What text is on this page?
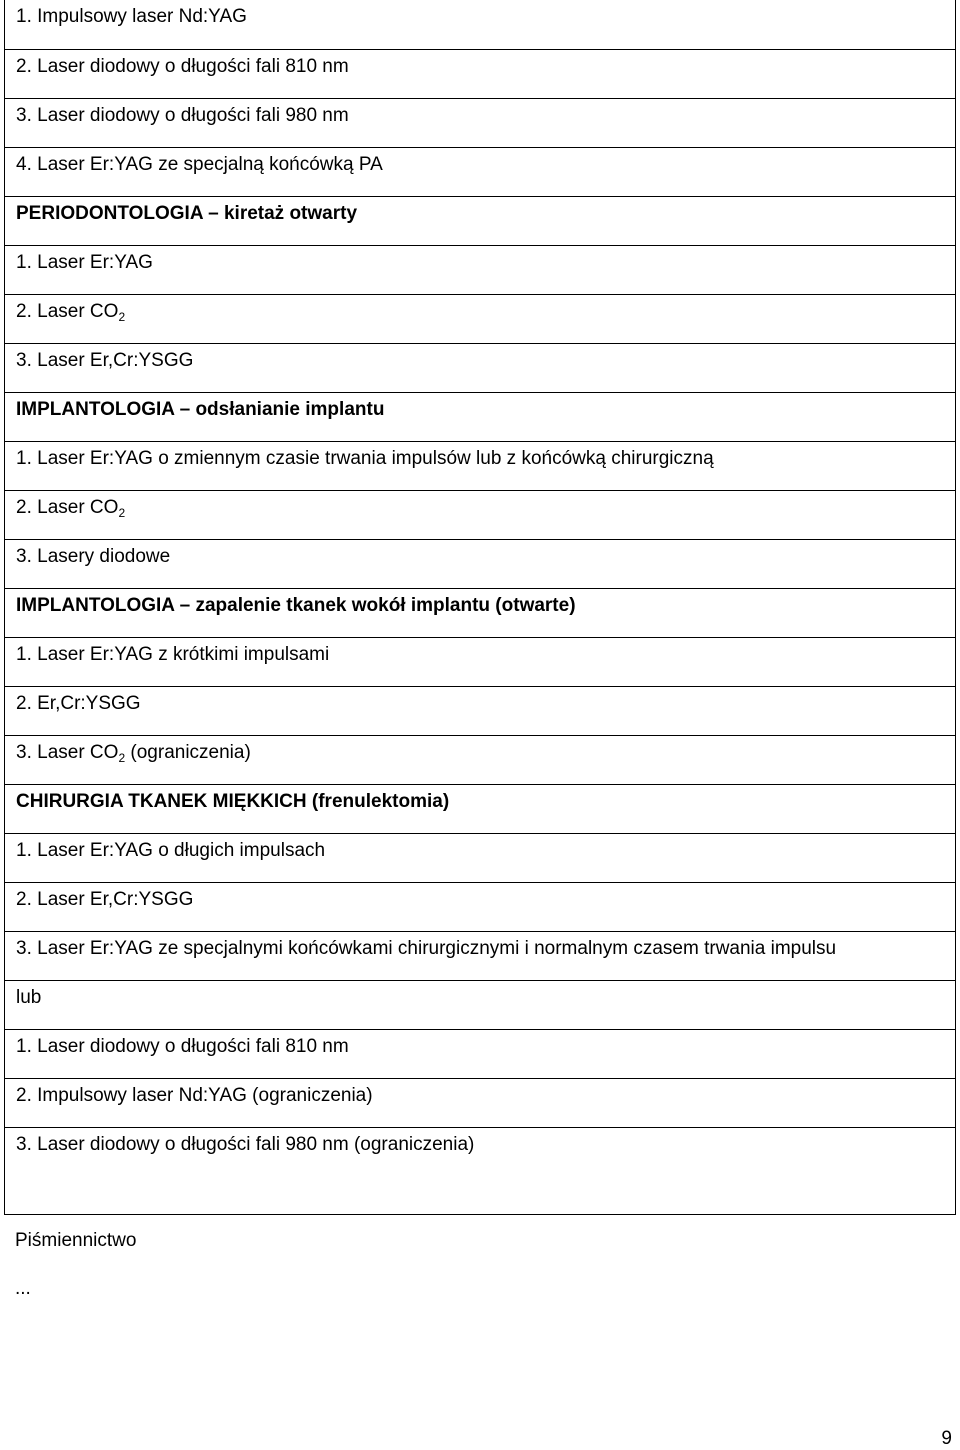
1. Impulsowy laser Nd:YAG
2. Laser diodowy o długości fali 810 nm
3. Laser diodowy o długości fali 980 nm
4. Laser Er:YAG ze specjalną końcówką PA
PERIODONTOLOGIA – kiretaż otwarty
1. Laser Er:YAG
2. Laser $CO_2$
3. Laser Er,Cr:YSGG
IMPLANTOLOGIA – odsłanianie implantu
1. Laser Er:YAG o zmiennym czasie trwania impulsów lub z końcówką chirurgiczną
2. Laser $CO_2$
3. Lasery diodowe
IMPLANTOLOGIA – zapalenie tkanek wokół implantu (otwarte)
1. Laser Er:YAG z krótkimi impulsami
2. Er,Cr:YSGG
3. Laser $CO_2$ (ograniczenia)
CHIRURGIA TKANEK MIĘKKICH (frenulektomia)
1. Laser Er:YAG o długich impulsach
2. Laser Er,Cr:YSGG
3. Laser Er:YAG ze specjalnymi końcówkami chirurgicznymi i normalnym czasem trwania impulsu
lub
1. Laser diodowy o długości fali 810 nm
2. Impulsowy laser Nd:YAG (ograniczenia)
3. Laser diodowy o długości fali 980 nm (ograniczenia)
Piśmiennictwo
...
9
